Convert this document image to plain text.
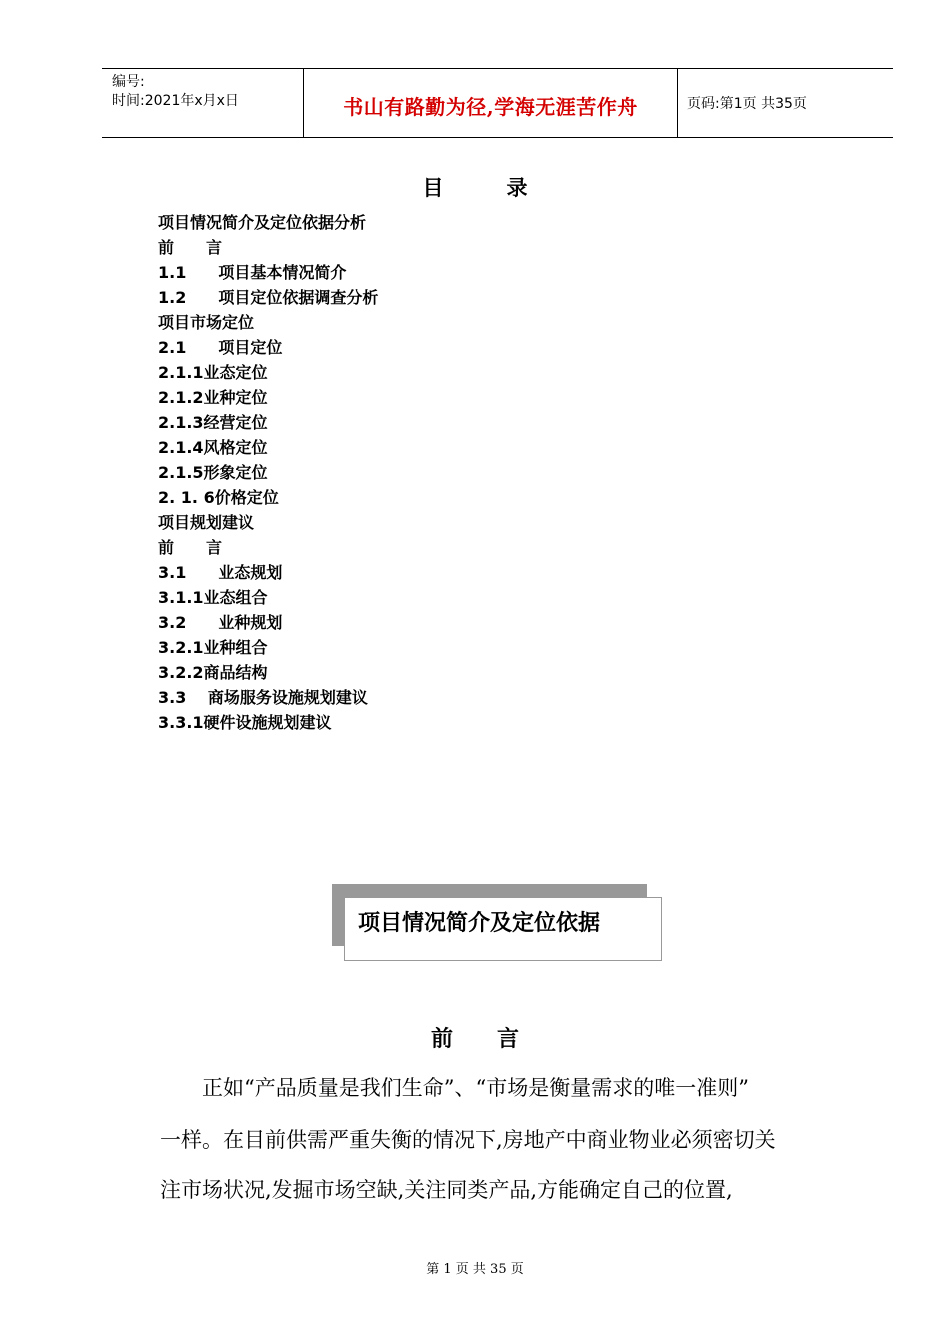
编号:
时间:2021年x月x日	书山有路勤为径,学海无涯苦作舟	页码:第1页 共35页
目　　　录
项目情况简介及定位依据分析
前　　言
1.1　　项目基本情况简介
1.2　　项目定位依据调查分析
项目市场定位
2.1　　项目定位
2.1.1业态定位
2.1.2业种定位
2.1.3经营定位
2.1.4风格定位
2.1.5形象定位
2. 1. 6价格定位
项目规划建议
前　　言
3.1　　业态规划
3.1.1业态组合
3.2　　业种规划
3.2.1业种组合
3.2.2商品结构
3.3　 商场服务设施规划建议
3.3.1硬件设施规划建议
项目情况简介及定位依据
前　　言
　　正如“产品质量是我们生命”、“市场是衡量需求的唯一准则”
一样。在目前供需严重失衡的情况下,房地产中商业物业必须密切关
注市场状况,发掘市场空缺,关注同类产品,方能确定自己的位置,
第 1 页 共 35 页
